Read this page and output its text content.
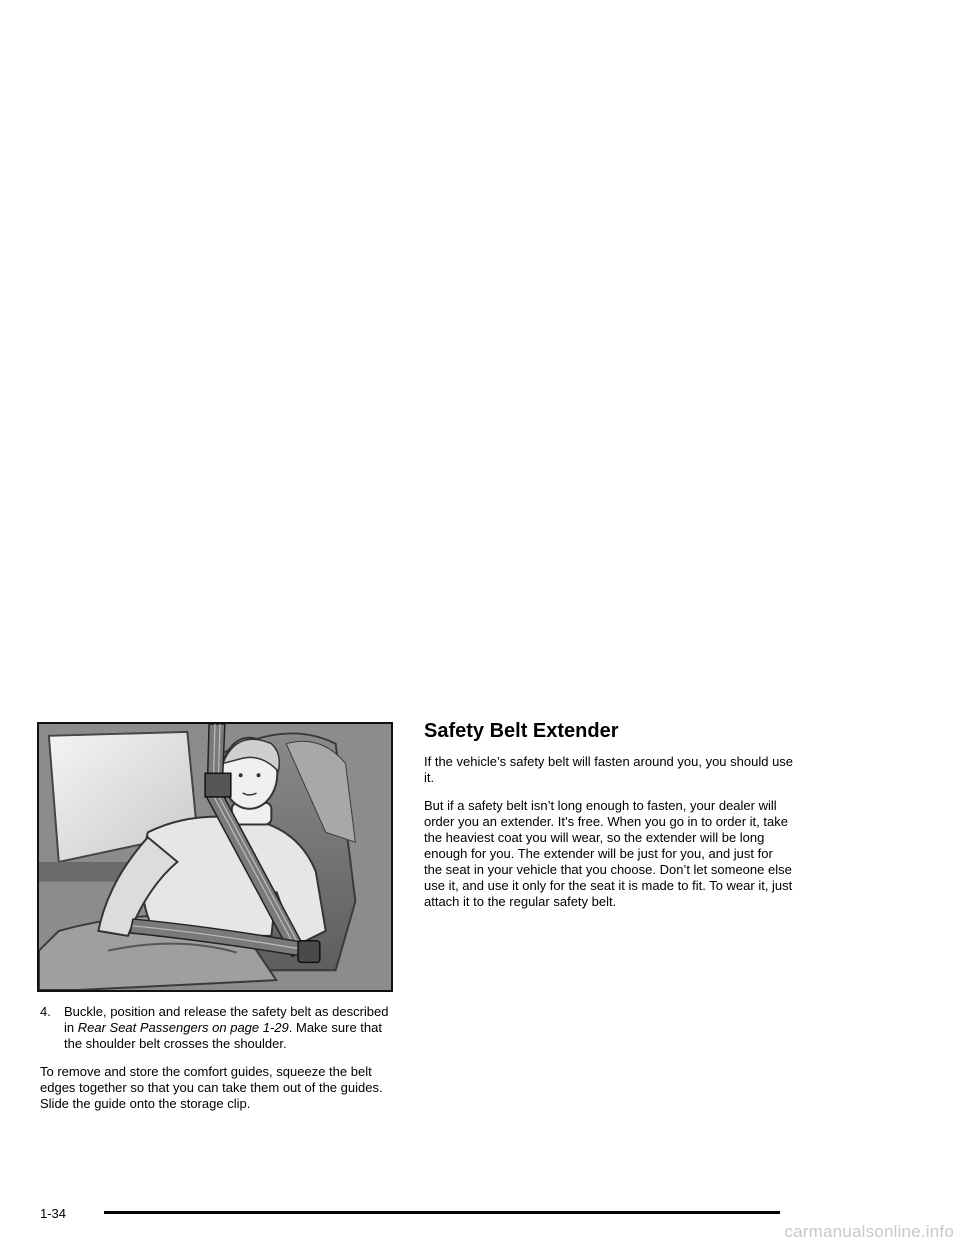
4.	Buckle, position and release the safety belt as described in Rear Seat Passengers on page 1-29. Make sure that the shoulder belt crosses the shoulder.

To remove and store the comfort guides, squeeze the belt edges together so that you can take them out of the guides. Slide the guide onto the storage clip.

Safety Belt Extender

If the vehicle’s safety belt will fasten around you, you should use it.

But if a safety belt isn’t long enough to fasten, your dealer will order you an extender. It’s free. When you go in to order it, take the heaviest coat you will wear, so the extender will be long enough for you. The extender will be just for you, and just for the seat in your vehicle that you choose. Don’t let someone else use it, and use it only for the seat it is made to fit. To wear it, just attach it to the regular safety belt.

1-34
carmanualsonline.info
